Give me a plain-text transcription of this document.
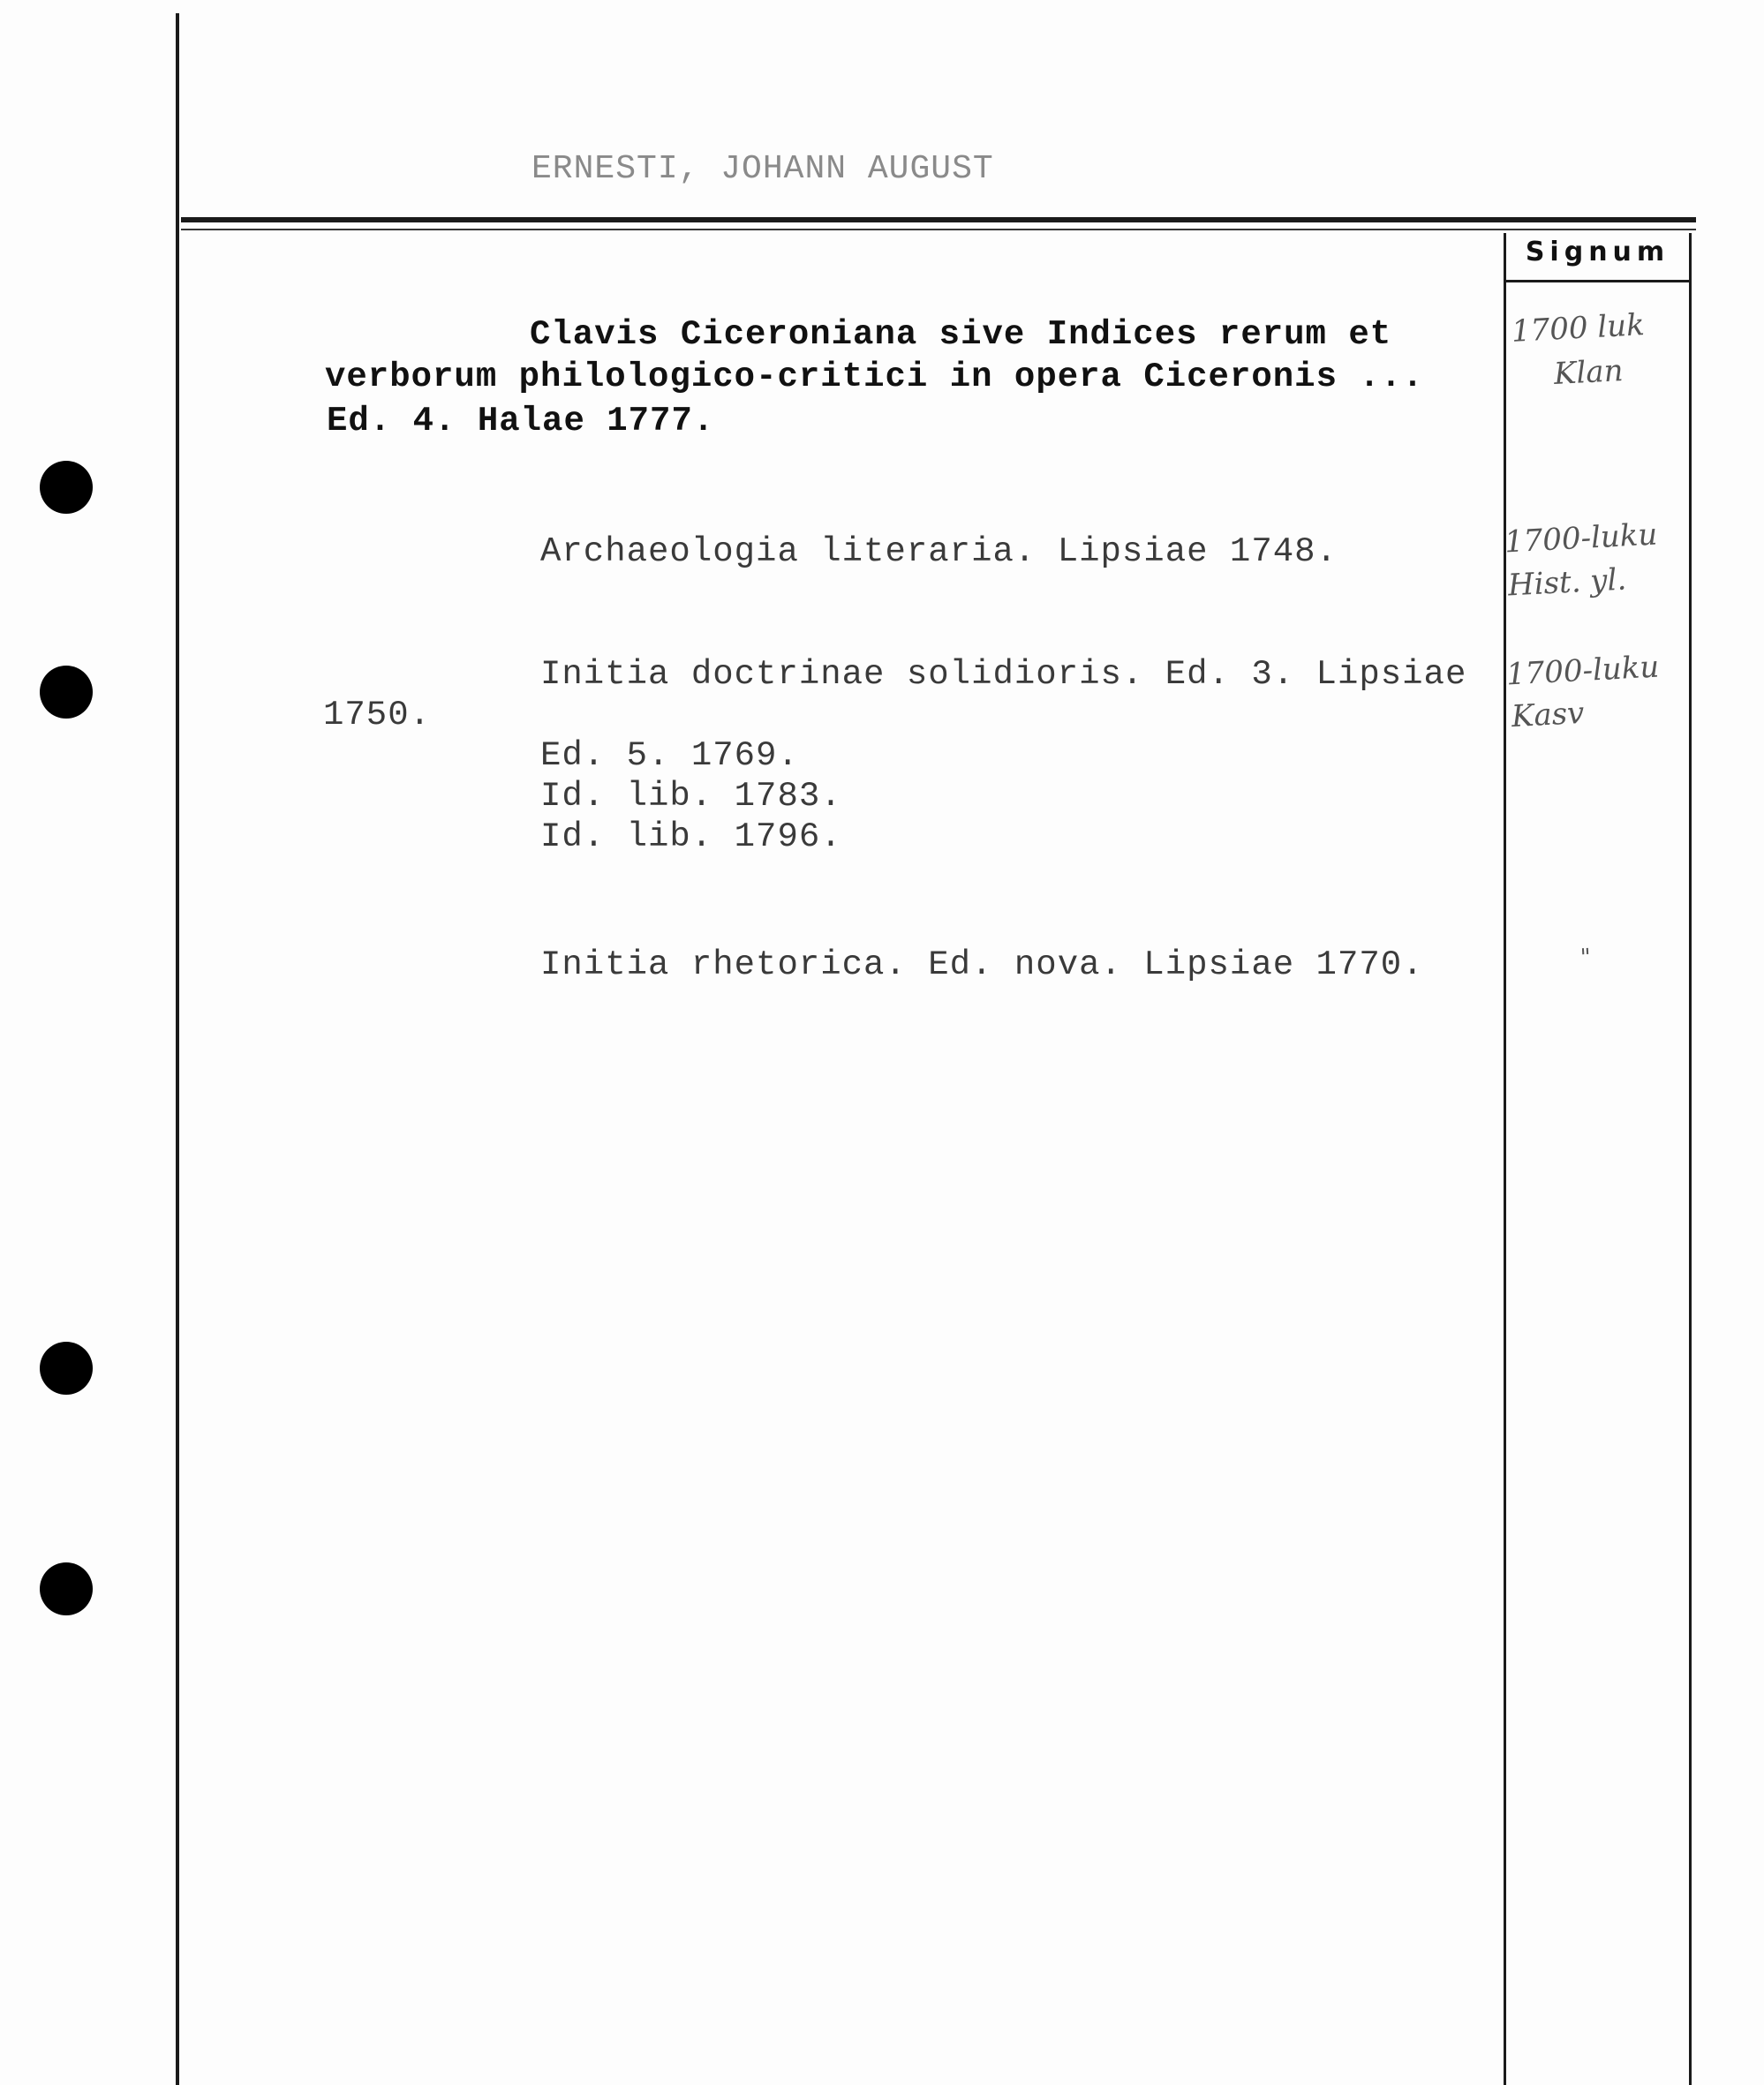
ERNESTI, JOHANN AUGUST
Signum
Clavis Ciceroniana sive Indices rerum et
verborum philologico-critici in opera Ciceronis ...
Ed. 4. Halae 1777.
Archaeologia literaria. Lipsiae 1748.
Initia doctrinae solidioris. Ed. 3. Lipsiae
1750.
Ed. 5. 1769.
Id. lib. 1783.
Id. lib. 1796.
Initia rhetorica. Ed. nova. Lipsiae 1770.
1700 luk
Klan
1700-luku
Hist. yl.
1700-luku
Kasv
"
